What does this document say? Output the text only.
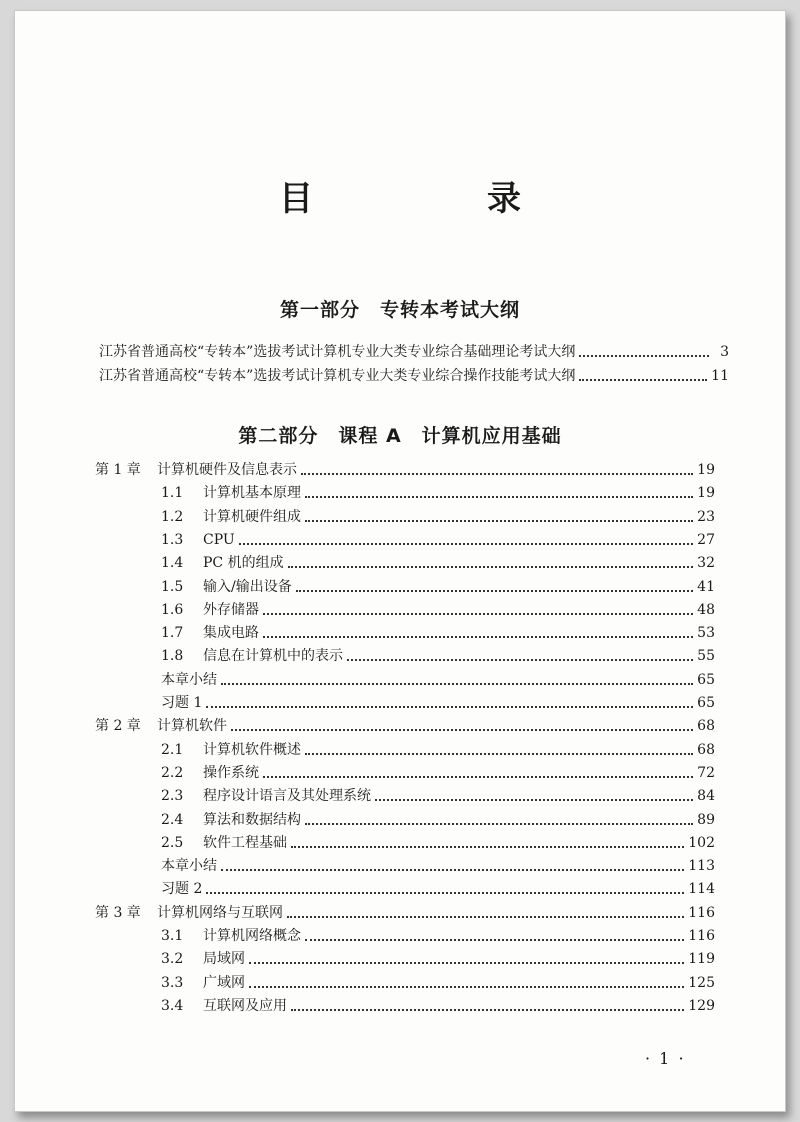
目　录
第一部分　专转本考试大纲
江苏省普通高校“专转本”选拔考试计算机专业大类专业综合基础理论考试大纲	3
江苏省普通高校“专转本”选拔考试计算机专业大类专业综合操作技能考试大纲	11
第二部分　课程 A　计算机应用基础
第 1 章 计算机硬件及信息表示	19
1.1 计算机基本原理	19
1.2 计算机硬件组成	23
1.3 CPU	27
1.4 PC 机的组成	32
1.5 输入/输出设备	41
1.6 外存储器	48
1.7 集成电路	53
1.8 信息在计算机中的表示	55
本章小结	65
习题 1	65
第 2 章 计算机软件	68
2.1 计算机软件概述	68
2.2 操作系统	72
2.3 程序设计语言及其处理系统	84
2.4 算法和数据结构	89
2.5 软件工程基础	102
本章小结	113
习题 2	114
第 3 章 计算机网络与互联网	116
3.1 计算机网络概念	116
3.2 局域网	119
3.3 广域网	125
3.4 互联网及应用	129
· 1 ·
